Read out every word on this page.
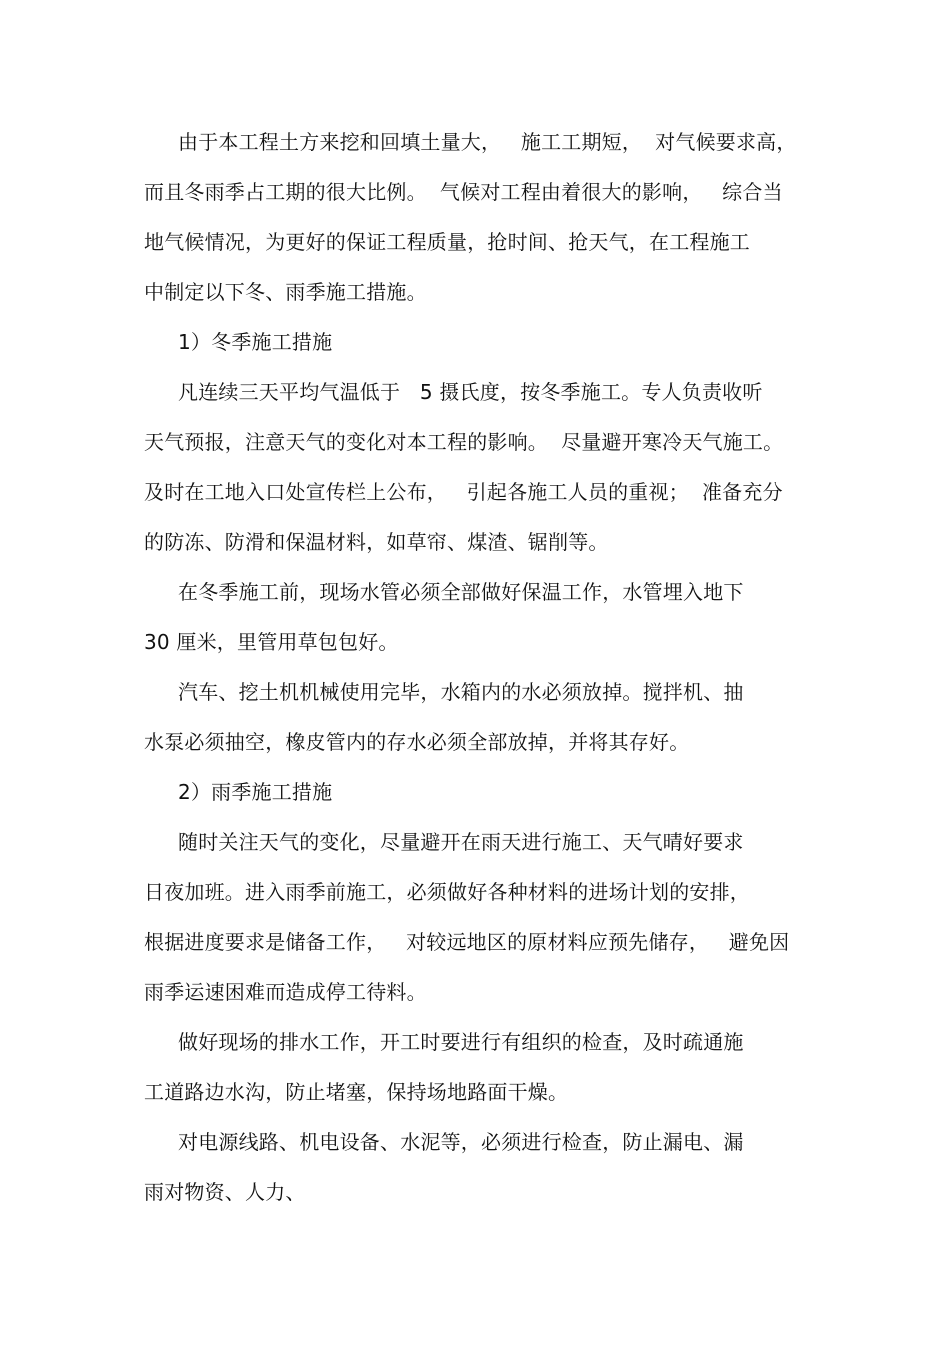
由于本工程土方来挖和回填土量大，   施工工期短，  对气候要求高，
而且冬雨季占工期的很大比例。  气候对工程由着很大的影响，   综合当
地气候情况，为更好的保证工程质量，抢时间、抢天气，在工程施工
中制定以下冬、雨季施工措施。
1）冬季施工措施
凡连续三天平均气温低于   5 摄氏度，按冬季施工。专人负责收听
天气预报，注意天气的变化对本工程的影响。  尽量避开寒冷天气施工。
及时在工地入口处宣传栏上公布，   引起各施工人员的重视；  准备充分
的防冻、防滑和保温材料，如草帘、煤渣、锯削等。
在冬季施工前，现场水管必须全部做好保温工作，水管埋入地下
30 厘米，里管用草包包好。
汽车、挖土机机械使用完毕，水箱内的水必须放掉。搅拌机、抽
水泵必须抽空，橡皮管内的存水必须全部放掉，并将其存好。
2）雨季施工措施
随时关注天气的变化，尽量避开在雨天进行施工、天气晴好要求
日夜加班。进入雨季前施工，必须做好各种材料的进场计划的安排，
根据进度要求是储备工作，   对较远地区的原材料应预先储存，   避免因
雨季运速困难而造成停工待料。
做好现场的排水工作，开工时要进行有组织的检查，及时疏通施
工道路边水沟，防止堵塞，保持场地路面干燥。
对电源线路、机电设备、水泥等，必须进行检查，防止漏电、漏
雨对物资、人力、
